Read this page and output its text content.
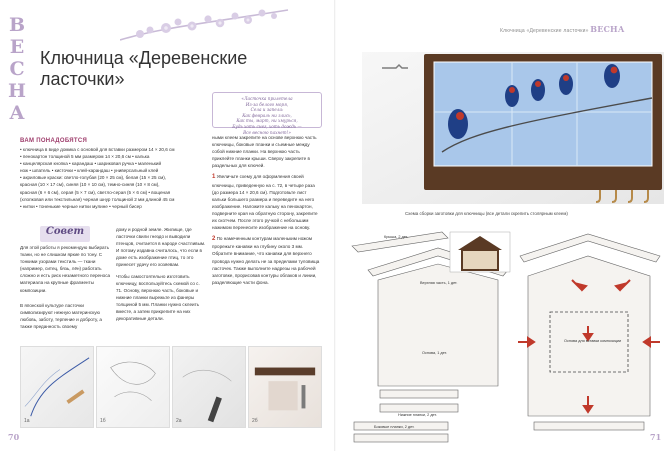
ВЕСНА Ключница «Деревенские ласточки»
«Ласточка прилетела
Из-за белого моря,
Села и запела:
Как февраль ни злись,
Как ты, март, ни хмурься,
Будь хоть снег, хоть дождь —
Все весною пахнет!»
ВАМ ПОНАДОБЯТСЯ
• ключница в виде домика с основой для вставки размером 14 × 20,6 см
• пенокартон толщиной 5 мм размером 14 × 20,6 см • калька
• канцелярская кнопка • карандаш • шариковая ручка • маленький
нож • шпатель • кисточки • клей-карандаш • универсальный клей
• акриловые краски: светло-голубая (20 × 25 см), белая (15 × 25 см),
красная (10 × 17 см), синяя (10 × 10 см), темно-синяя (10 × 8 см),
красная (6 × 6 см), серая (5 × 7 см), светло-серая (5 × 6 см) • вощеная
(хлопковая или текстильная) черная шнур толщиной 2 мм длиной 45 см
• нитки • тоненькие черные нитки мулине • черный бисер

ными клеем закрепите на основе верхнюю часть ключницы, боковые планки и съемные между собой нижние планки. На верхнюю часть приклейте планки крыши. Сверху закрепите в раздельных для ключей.

1 Увеличьте схему для оформления своей ключницы, приведенную на с. 72, в четыре раза (до размера 14 × 20,6 см). Подготовьте лист кальки большего размера и переведите на него изображение. Наложите кальку на пенокартон, подверните края на обратную сторону, закрепите их скотчем. После этого ручкой с небольшим нажимом перенесите изображение на основу.

2 По намеченным контурам маленьким ножом прорежьте канавки на глубину около 3 мм. Обратите внимание, что канавки для верхнего провода нужно делать не за пределами туловища ласточек. Также выполните надрезы на рабочей заготовке, прорисовав контуры облаков и линии, разделяющие части фона.

Совет
Для этой работы я рекомендую выбирать ткани, но не слишком яркие по тону. С тонкими узорами текстиль — ткани (например, ситец, бязь, лён) работать сложно и есть риск незаметного переноса материала на крупные фрагменты композиции.
В японской культуре ласточки символизируют нежную материнскую любовь, заботу, терпение и доброту, а также преданность своему

дому и родной земле. Жилище, где ласточки свили гнездо и выводили птенцов, считается в народе счастливым. И потому издавна считалось, что если в доме есть изображение птиц, то это принесет удачу его хозяевам.

Чтобы самостоятельно изготовить ключницу, воспользуйтесь схемой со с. 71. Основу, верхнюю часть, боковые и нижние планки вырежьте из фанеры толщиной 5 мм. Планки нужно склеить вместе, а затем прикрепите на них декоративные детали.

1а	1б	2а	2б
70
Ключница «Деревенские ласточки» ВЕСНА
Схема сборки заготовки для ключницы (все детали скрепить столярным клеем)
Крыша, 2 дет.
Верхняя часть, 1 дет.
Основа, 1 дет.
Основа для вставки композиции
Нижние планки, 2 дет.
Боковые планки, 2 дет.
71
